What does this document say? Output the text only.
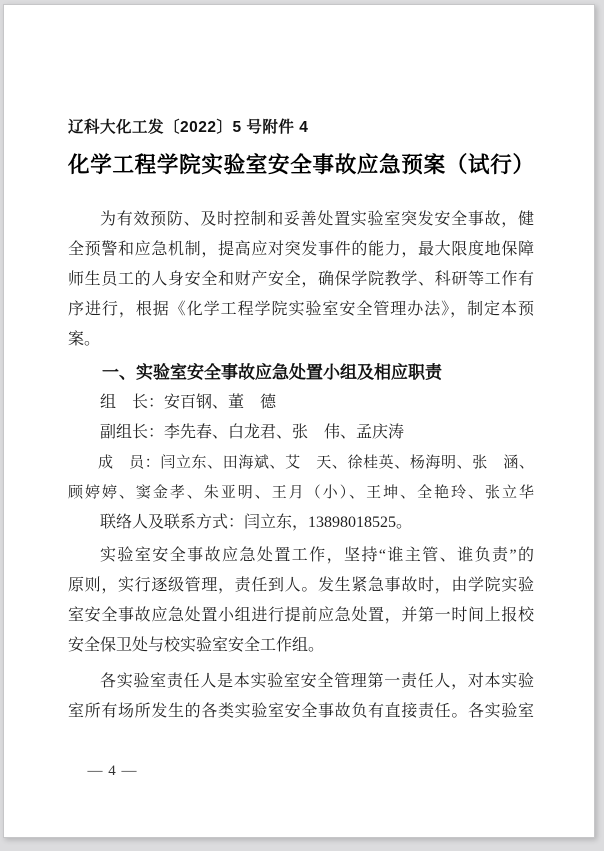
辽科大化工发〔2022〕5 号附件 4
化学工程学院实验室安全事故应急预案（试行）
为有效预防、及时控制和妥善处置实验室突发安全事故，健
全预警和应急机制，提高应对突发事件的能力，最大限度地保障
师生员工的人身安全和财产安全，确保学院教学、科研等工作有
序进行，根据《化学工程学院实验室安全管理办法》，制定本预
案。
一、实验室安全事故应急处置小组及相应职责
组　长：安百钢、董　德
副组长：李先春、白龙君、张　伟、孟庆涛
成　员：闫立东、田海斌、艾　天、徐桂英、杨海明、张　涵、
顾婷婷、窦金孝、朱亚明、王月（小）、王坤、全艳玲、张立华
联络人及联系方式：闫立东，13898018525。
实验室安全事故应急处置工作，坚持“谁主管、谁负责”的
原则，实行逐级管理，责任到人。发生紧急事故时，由学院实验
室安全事故应急处置小组进行提前应急处置，并第一时间上报校
安全保卫处与校实验室安全工作组。
各实验室责任人是本实验室安全管理第一责任人，对本实验
室所有场所发生的各类实验室安全事故负有直接责任。各实验室
— 4 —
